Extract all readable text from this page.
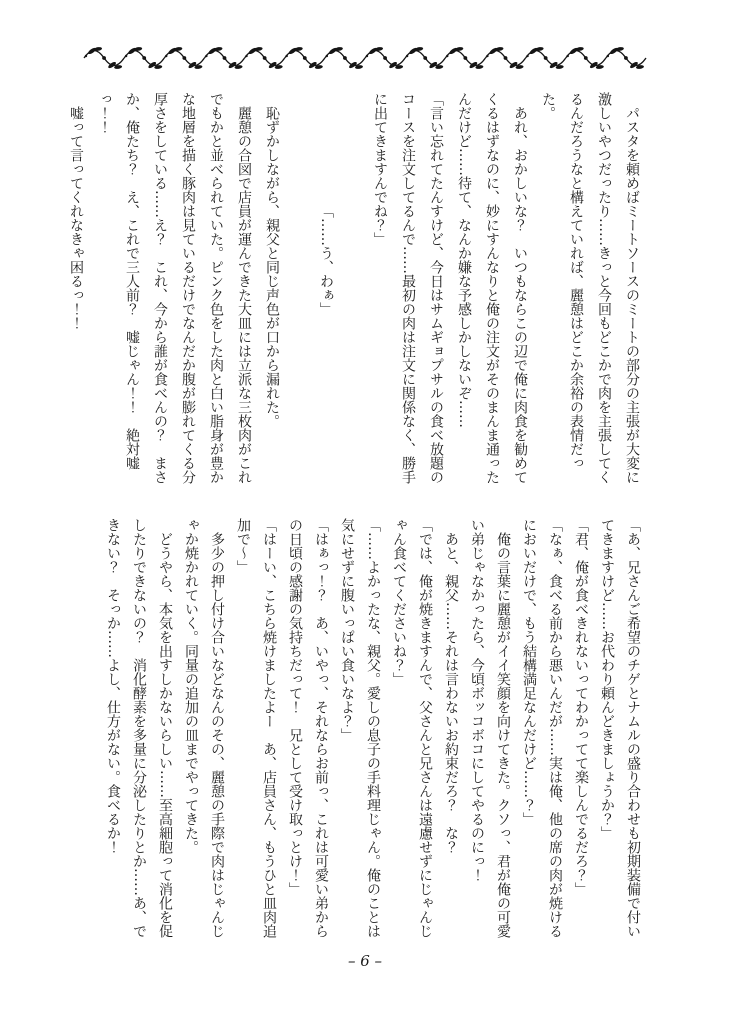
　パスタを頼めばミートソースのミートの部分の主張が大変に激しいやつだったり……きっと今回もどこかで肉を主張してくるんだろうなと構えていれば、麗憩はどこか余裕の表情だった。

　あれ、おかしいな？　いつもならこの辺で俺に肉食を勧めてくるはずなのに、妙にすんなりと俺の注文がそのまんま通ったんだけど……待て、なんか嫌な予感しかしないぞ……

「言い忘れてたんすけど、今日はサムギョプサルの食べ放題のコースを注文してるんで……最初の肉は注文に関係なく、勝手に出てきますんでね？」

「……う、わぁ」

　恥ずかしながら、親父と同じ声色が口から漏れた。

　麗憩の合図で店員が運んできた大皿には立派な三枚肉がこれでもかと並べられていた。ピンク色をした肉と白い脂身が豊かな地層を描く豚肉は見ているだけでなんだか腹が膨れてくる分厚さをしている……え？　これ、今から誰が食べんの？　まさか、俺たち？　え、これで三人前？　嘘じゃん！！　絶対嘘っ！！

　嘘って言ってくれなきゃ困るっ！！

「あ、兄さんご希望のチゲとナムルの盛り合わせも初期装備で付いてきますけど……お代わり頼んどきましょうか？」

「君、俺が食べきれないってわかってて楽しんでるだろ？」

「なぁ、食べる前から悪いんだが……実は俺、他の席の肉が焼けるにおいだけで、もう結構満足なんだけど……？」

　俺の言葉に麗憩がイイ笑顔を向けてきた。クソっ、君が俺の可愛い弟じゃなかったら、今頃ボッコボコにしてやるのにっ！

　あと、親父……それは言わないお約束だろ？　な？

「では、俺が焼きますんで、父さんと兄さんは遠慮せずにじゃんじゃん食べてくださいね？」

「……よかったな、親父。愛しの息子の手料理じゃん。俺のことは気にせずに腹いっぱい食いなよ？」

「はぁっ！？　あ、いやっ、それならお前っ、これは可愛い弟からの日頃の感謝の気持ちだって！　兄として受け取っとけ！」

「はーい、こちら焼けましたよー　あ、店員さん、もうひと皿肉追加で〜」

　多少の押し付け合いなどなんのその、麗憩の手際で肉はじゃんじゃか焼かれていく。同量の追加の皿までやってきた。

　どうやら、本気を出すしかないらしい……至高細胞って消化を促したりできないの？　消化酵素を多量に分泌したりとか……あ、できない？　そっか……よし、仕方がない。食べるか！

– 6 –
